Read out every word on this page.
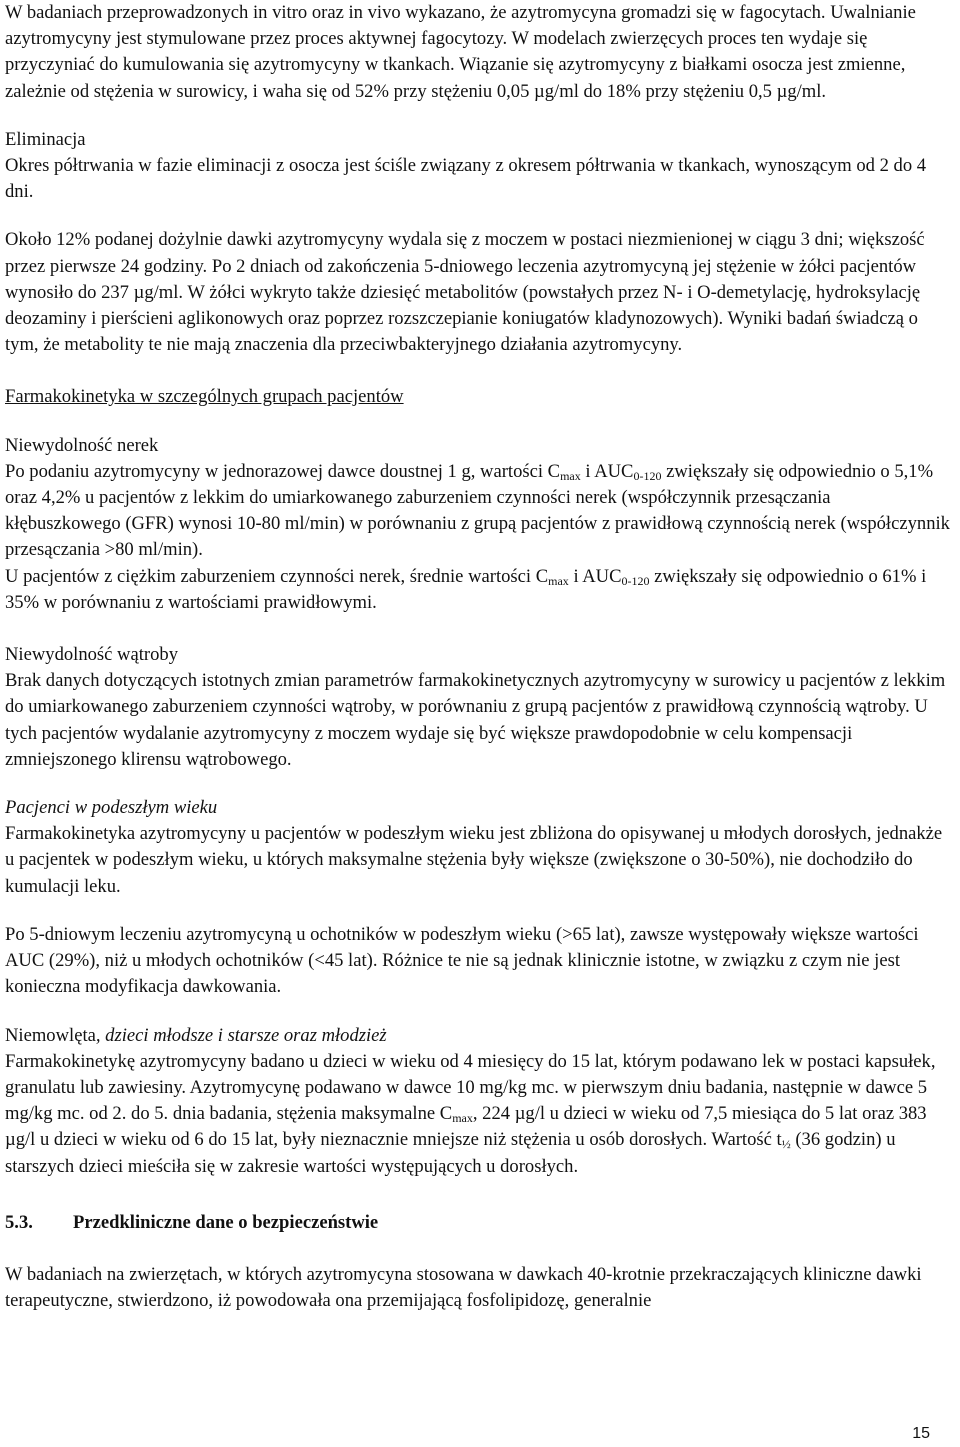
W badaniach przeprowadzonych in vitro oraz in vivo wykazano, że azytromycyna gromadzi się w fagocytach. Uwalnianie azytromycyny jest stymulowane przez proces aktywnej fagocytozy. W modelach zwierzęcych proces ten wydaje się przyczyniać do kumulowania się azytromycyny w tkankach. Wiązanie się azytromycyny z białkami osocza jest zmienne, zależnie od stężenia w surowicy, i waha się od 52% przy stężeniu 0,05 µg/ml do 18% przy stężeniu 0,5 µg/ml.

Eliminacja

Okres półtrwania w fazie eliminacji z osocza jest ściśle związany z okresem półtrwania w tkankach, wynoszącym od 2 do 4 dni.

Około 12% podanej dożylnie dawki azytromycyny wydala się z moczem w postaci niezmienionej w ciągu 3 dni; większość przez pierwsze 24 godziny. Po 2 dniach od zakończenia 5-dniowego leczenia azytromycyną jej stężenie w żółci pacjentów wynosiło do 237 µg/ml. W żółci wykryto także dziesięć metabolitów (powstałych przez N- i O-demetylację, hydroksylację deozaminy i pierścieni aglikonowych oraz poprzez rozszczepianie koniugatów kladynozowych). Wyniki badań świadczą o tym, że metabolity te nie mają znaczenia dla przeciwbakteryjnego działania azytromycyny.

Farmakokinetyka w szczególnych grupach pacjentów

Niewydolność nerek

Po podaniu azytromycyny w jednorazowej dawce doustnej 1 g, wartości $C_{max}$ i $AUC_{0-120}$ zwiększały się odpowiednio o 5,1% oraz 4,2% u pacjentów z lekkim do umiarkowanego zaburzeniem czynności nerek (współczynnik przesączania kłębuszkowego (GFR) wynosi 10-80 ml/min) w porównaniu z grupą pacjentów z prawidłową czynnością nerek (współczynnik przesączania >80 ml/min).

U pacjentów z ciężkim zaburzeniem czynności nerek, średnie wartości $C_{max}$ i $AUC_{0-120}$ zwiększały się odpowiednio o 61% i 35% w porównaniu z wartościami prawidłowymi.

Niewydolność wątroby

Brak danych dotyczących istotnych zmian parametrów farmakokinetycznych azytromycyny w surowicy u pacjentów z lekkim do umiarkowanego zaburzeniem czynności wątroby, w porównaniu z grupą pacjentów z prawidłową czynnością wątroby. U tych pacjentów wydalanie azytromycyny z moczem wydaje się być większe prawdopodobnie w celu kompensacji zmniejszonego klirensu wątrobowego.

Pacjenci w podeszłym wieku

Farmakokinetyka azytromycyny u pacjentów w podeszłym wieku jest zbliżona do opisywanej u młodych dorosłych, jednakże u pacjentek w podeszłym wieku, u których maksymalne stężenia były większe (zwiększone o 30-50%), nie dochodziło do kumulacji leku.

Po 5-dniowym leczeniu azytromycyną u ochotników w podeszłym wieku (>65 lat), zawsze występowały większe wartości AUC (29%), niż u młodych ochotników (<45 lat). Różnice te nie są jednak klinicznie istotne, w związku z czym nie jest konieczna modyfikacja dawkowania.

Niemowlęta, dzieci młodsze i starsze oraz młodzież

Farmakokinetykę azytromycyny badano u dzieci w wieku od 4 miesięcy do 15 lat, którym podawano lek w postaci kapsułek, granulatu lub zawiesiny. Azytromycynę podawano w dawce 10 mg/kg mc. w pierwszym dniu badania, następnie w dawce 5 mg/kg mc. od 2. do 5. dnia badania, stężenia maksymalne $C_{max}$, 224 µg/l u dzieci w wieku od 7,5 miesiąca do 5 lat oraz 383 µg/l u dzieci w wieku od 6 do 15 lat, były nieznacznie mniejsze niż stężenia u osób dorosłych. Wartość $t_{\frac{1}{2}}$ (36 godzin) u starszych dzieci mieściła się w zakresie wartości występujących u dorosłych.

5.3.	Przedkliniczne dane o bezpieczeństwie

W badaniach na zwierzętach, w których azytromycyna stosowana w dawkach 40-krotnie przekraczających kliniczne dawki terapeutyczne, stwierdzono, iż powodowała ona przemijającą fosfolipidozę, generalnie

15
